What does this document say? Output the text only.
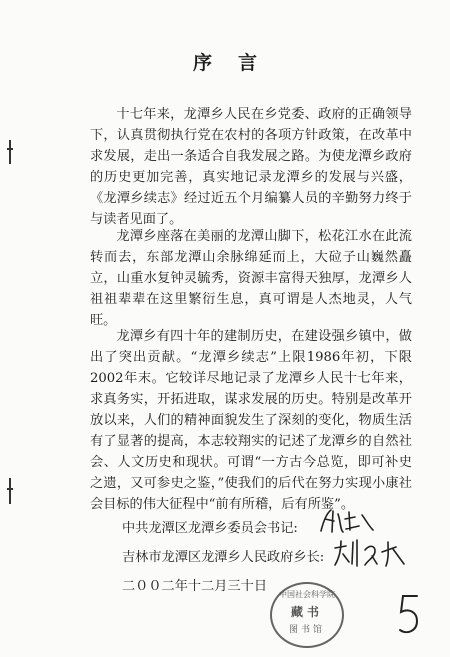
序言

十七年来，龙潭乡人民在乡党委、政府的正确领导下，认真贯彻执行党在农村的各项方针政策，在改革中求发展，走出一条适合自我发展之路。为使龙潭乡政府的历史更加完善，真实地记录龙潭乡的发展与兴盛，《龙潭乡续志》经过近五个月编纂人员的辛勤努力终于与读者见面了。

龙潭乡座落在美丽的龙潭山脚下，松花江水在此流转而去，东部龙潭山余脉绵延而上，大砬子山巍然矗立，山重水复钟灵毓秀，资源丰富得天独厚，龙潭乡人祖祖辈辈在这里繁衍生息，真可谓是人杰地灵，人气旺。

龙潭乡有四十年的建制历史，在建设强乡镇中，做出了突出贡献。“龙潭乡续志”上限1986年初，下限2002年末。它较详尽地记录了龙潭乡人民十七年来，求真务实，开拓进取，谋求发展的历史。特别是改革开放以来，人们的精神面貌发生了深刻的变化，物质生活有了显著的提高，本志较翔实的记述了龙潭乡的自然社会、人文历史和现状。可谓“一方古今总览，即可补史之遗，又可参史之鉴，”使我们的后代在努力实现小康社会目标的伟大征程中“前有所稽，后有所鉴”。

中共龙潭区龙潭乡委员会书记:
吉林市龙潭区龙潭乡人民政府乡长:
二００二年十二月三十日
中国社会科学院
藏书
图书馆
